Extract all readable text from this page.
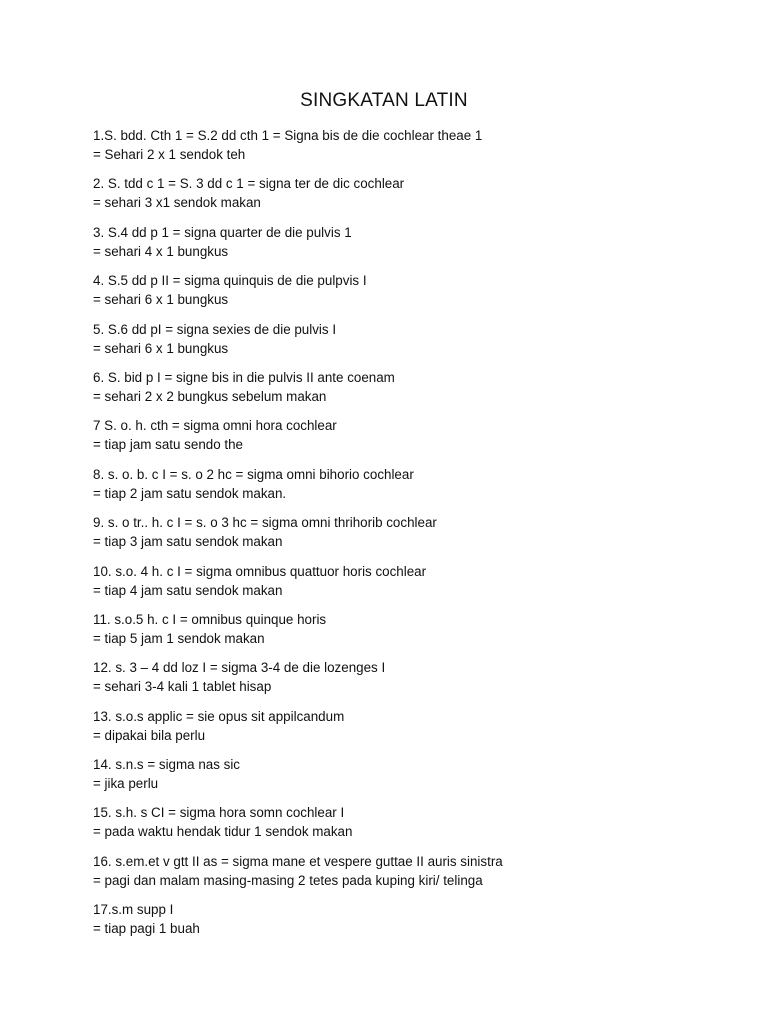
SINGKATAN LATIN
1.S. bdd. Cth 1 = S.2 dd cth 1 = Signa bis de die cochlear theae 1
= Sehari 2 x 1 sendok teh
2. S. tdd c 1 = S. 3 dd c 1 = signa ter de dic cochlear
= sehari 3 x1 sendok makan
3. S.4 dd p 1 = signa quarter de die pulvis 1
= sehari 4 x 1 bungkus
4. S.5 dd p II = sigma quinquis de die pulpvis I
= sehari 6 x 1 bungkus
5. S.6 dd pI = signa sexies de die pulvis I
= sehari 6 x 1 bungkus
6. S. bid p I = signe bis in die pulvis II ante coenam
= sehari 2 x 2 bungkus sebelum makan
7 S. o. h. cth = sigma omni hora cochlear
= tiap jam satu sendo the
8. s. o. b. c I = s. o 2 hc = sigma omni bihorio cochlear
= tiap 2 jam satu sendok makan.
9. s. o tr.. h. c I = s. o 3 hc = sigma omni thrihorib cochlear
= tiap 3 jam satu sendok makan
10. s.o. 4 h. c I = sigma omnibus quattuor horis cochlear
= tiap 4 jam satu sendok makan
11. s.o.5 h. c I = omnibus quinque horis
= tiap 5 jam 1 sendok makan
12. s. 3 – 4 dd loz I = sigma 3-4 de die lozenges I
= sehari 3-4 kali 1 tablet hisap
13. s.o.s applic = sie opus sit appilcandum
= dipakai bila perlu
14. s.n.s = sigma nas sic
= jika perlu
15. s.h. s CI = sigma hora somn cochlear I
= pada waktu hendak tidur 1 sendok makan
16. s.em.et v gtt II as = sigma mane et vespere guttae II auris sinistra
= pagi dan malam masing-masing 2 tetes pada kuping kiri/ telinga
17.s.m supp I
= tiap pagi 1 buah
